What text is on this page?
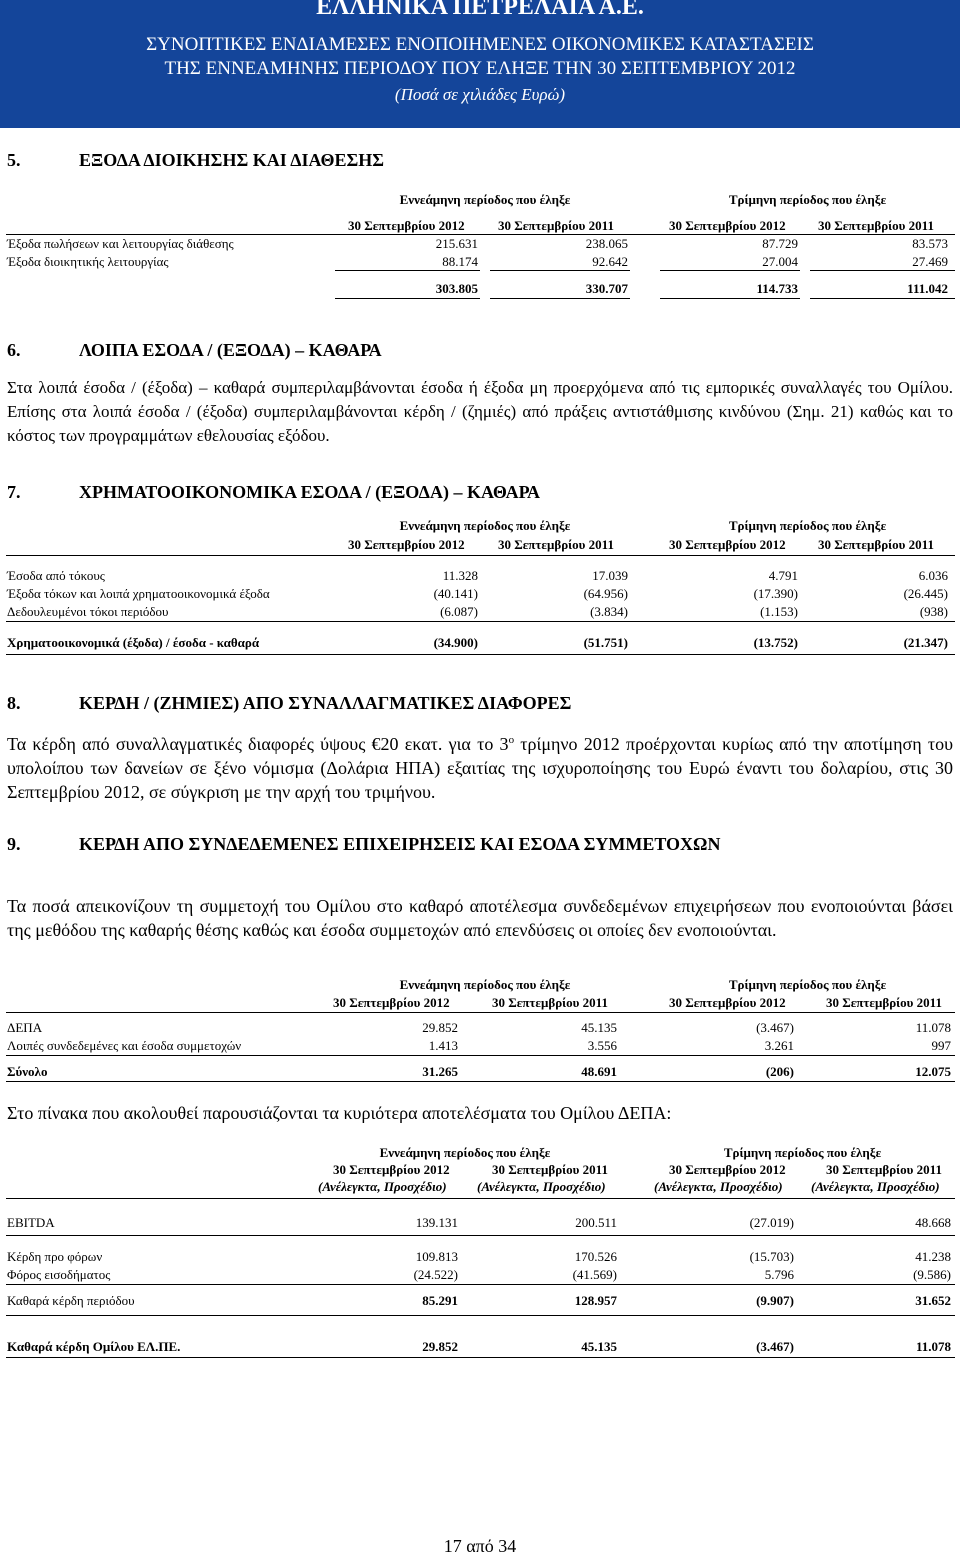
ΕΛΛΗΝΙΚΑ ΠΕΤΡΕΛΑΙΑ Α.Ε.
ΣΥΝΟΠΤΙΚΕΣ ΕΝΔΙΑΜΕΣΕΣ ΕΝΟΠΟΙΗΜΕΝΕΣ ΟΙΚΟΝΟΜΙΚΕΣ ΚΑΤΑΣΤΑΣΕΙΣ
ΤΗΣ ΕΝΝΕΑΜΗΝΗΣ ΠΕΡΙΟΔΟΥ ΠΟΥ ΕΛΗΞΕ ΤΗΝ 30 ΣΕΠΤΕΜΒΡΙΟΥ 2012
(Ποσά σε χιλιάδες Ευρώ)
5.	ΕΞΟΔΑ ΔΙΟΙΚΗΣΗΣ ΚΑΙ ΔΙΑΘΕΣΗΣ
Εννεάμηνη περίοδος που έληξε	Τρίμηνη περίοδος που έληξε
30 Σεπτεμβρίου 2012	30 Σεπτεμβρίου 2011	30 Σεπτεμβρίου 2012 30 Σεπτεμβρίου 2011
Έξοδα πωλήσεων και λειτουργίας διάθεσης	215.631	238.065	87.729	83.573
Έξοδα διοικητικής λειτουργίας	88.174	92.642	27.004	27.469
303.805	330.707	114.733	111.042
6.	ΛΟΙΠΑ ΕΣΟΔΑ / (ΕΞΟΔΑ) – ΚΑΘΑΡΑ
Στα λοιπά έσοδα / (έξοδα) – καθαρά συμπεριλαμβάνονται έσοδα ή έξοδα μη προερχόμενα από τις εμπορικές συναλλαγές του Ομίλου. Επίσης στα λοιπά έσοδα / (έξοδα) συμπεριλαμβάνονται κέρδη / (ζημιές) από πράξεις αντιστάθμισης κινδύνου (Σημ. 21) καθώς και το κόστος των προγραμμάτων εθελουσίας εξόδου.
7.	ΧΡΗΜΑΤΟΟΙΚΟΝΟΜΙΚΑ ΕΣΟΔΑ / (ΕΞΟΔΑ) – ΚΑΘΑΡΑ
Εννεάμηνη περίοδος που έληξε	Τρίμηνη περίοδος που έληξε
30 Σεπτεμβρίου 2012	30 Σεπτεμβρίου 2011	30 Σεπτεμβρίου 2012 30 Σεπτεμβρίου 2011
Έσοδα από τόκους	11.328	17.039	4.791	6.036
Έξοδα τόκων και λοιπά χρηματοοικονομικά έξοδα	(40.141)	(64.956)	(17.390)	(26.445)
Δεδουλευμένοι τόκοι περιόδου	(6.087)	(3.834)	(1.153)	(938)
Χρηματοοικονομικά (έξοδα) / έσοδα - καθαρά	(34.900)	(51.751)	(13.752)	(21.347)
8.	ΚΕΡΔΗ / (ΖΗΜΙΕΣ) ΑΠΟ ΣΥΝΑΛΛΑΓΜΑΤΙΚΕΣ ΔΙΑΦΟΡΕΣ
Τα κέρδη από συναλλαγματικές διαφορές ύψους €20 εκατ. για το $3^o$ τρίμηνο 2012 προέρχονται κυρίως από την αποτίμηση του υπολοίπου των δανείων σε ξένο νόμισμα (Δολάρια ΗΠΑ) εξαιτίας της ισχυροποίησης του Ευρώ έναντι του δολαρίου, στις 30 Σεπτεμβρίου 2012, σε σύγκριση με την αρχή του τριμήνου.
9.	ΚΕΡΔΗ ΑΠΟ ΣΥΝΔΕΔΕΜΕΝΕΣ ΕΠΙΧΕΙΡΗΣΕΙΣ ΚΑΙ ΕΣΟΔΑ ΣΥΜΜΕΤΟΧΩΝ
Τα ποσά απεικονίζουν τη συμμετοχή του Ομίλου στο καθαρό αποτέλεσμα συνδεδεμένων επιχειρήσεων που ενοποιούνται βάσει της μεθόδου της καθαρής θέσης καθώς και έσοδα συμμετοχών από επενδύσεις οι οποίες δεν ενοποιούνται.
Εννεάμηνη περίοδος που έληξε	Τρίμηνη περίοδος που έληξε
30 Σεπτεμβρίου 2012	30 Σεπτεμβρίου 2011	30 Σεπτεμβρίου 2012	30 Σεπτεμβρίου 2011
ΔΕΠΑ	29.852	45.135	(3.467)	11.078
Λοιπές συνδεδεμένες και έσοδα συμμετοχών	1.413	3.556	3.261	997
Σύνολο	31.265	48.691	(206)	12.075
Στο πίνακα που ακολουθεί παρουσιάζονται τα κυριότερα αποτελέσματα του Ομίλου ΔΕΠΑ:
Εννεάμηνη περίοδος που έληξε	Τρίμηνη περίοδος που έληξε
30 Σεπτεμβρίου 2012	30 Σεπτεμβρίου 2011	30 Σεπτεμβρίου 2012	30 Σεπτεμβρίου 2011
(Ανέλεγκτα, Προσχέδιο) (Ανέλεγκτα, Προσχέδιο)	(Ανέλεγκτα, Προσχέδιο) (Ανέλεγκτα, Προσχέδιο)
EBITDA	139.131	200.511	(27.019)	48.668
Κέρδη προ φόρων	109.813	170.526	(15.703)	41.238
Φόρος εισοδήματος	(24.522)	(41.569)	5.796	(9.586)
Καθαρά κέρδη περιόδου	85.291	128.957	(9.907)	31.652
Καθαρά κέρδη Ομίλου ΕΛ.ΠΕ.	29.852	45.135	(3.467)	11.078
17 από 34
